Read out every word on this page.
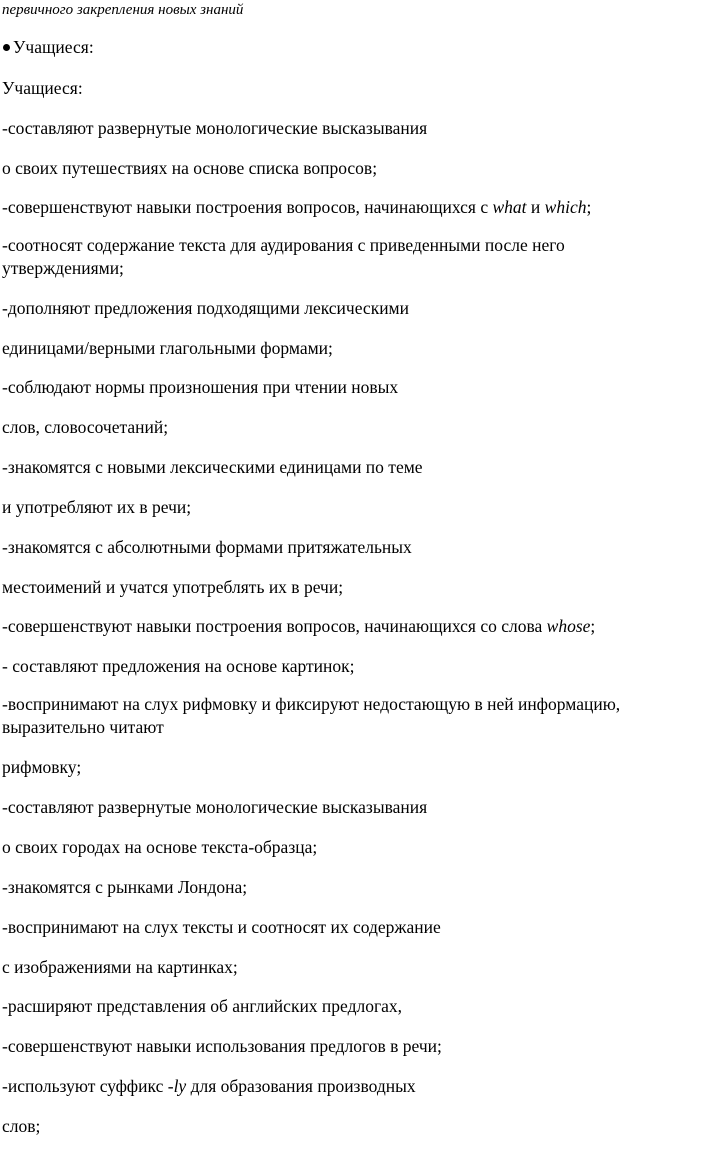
первичного закрепления новых знаний
Учащиеся:
Учащиеся:
-составляют развернутые монологические высказывания
о своих путешествиях на основе списка вопросов;
-совершенствуют навыки построения вопросов, начинающихся с what и which;
-соотносят содержание текста для аудирования с приведенными после него
утверждениями;
-дополняют предложения подходящими лексическими
единицами/верными глагольными формами;
-соблюдают нормы произношения при чтении новых
слов, словосочетаний;
-знакомятся с новыми лексическими единицами по теме
и употребляют их в речи;
-знакомятся с абсолютными формами притяжательных
местоимений и учатся употреблять их в речи;
-совершенствуют навыки построения вопросов, начинающихся со слова whose;
- составляют предложения на основе картинок;
-воспринимают на слух рифмовку и фиксируют недостающую в ней информацию,
выразительно читают
рифмовку;
-составляют развернутые монологические высказывания
о своих городах на основе текста-образца;
-знакомятся с рынками Лондона;
-воспринимают на слух тексты и соотносят их содержание
с изображениями на картинках;
-расширяют представления об английских предлогах,
-совершенствуют навыки использования предлогов в речи;
-используют суффикс -ly для образования производных
слов;
